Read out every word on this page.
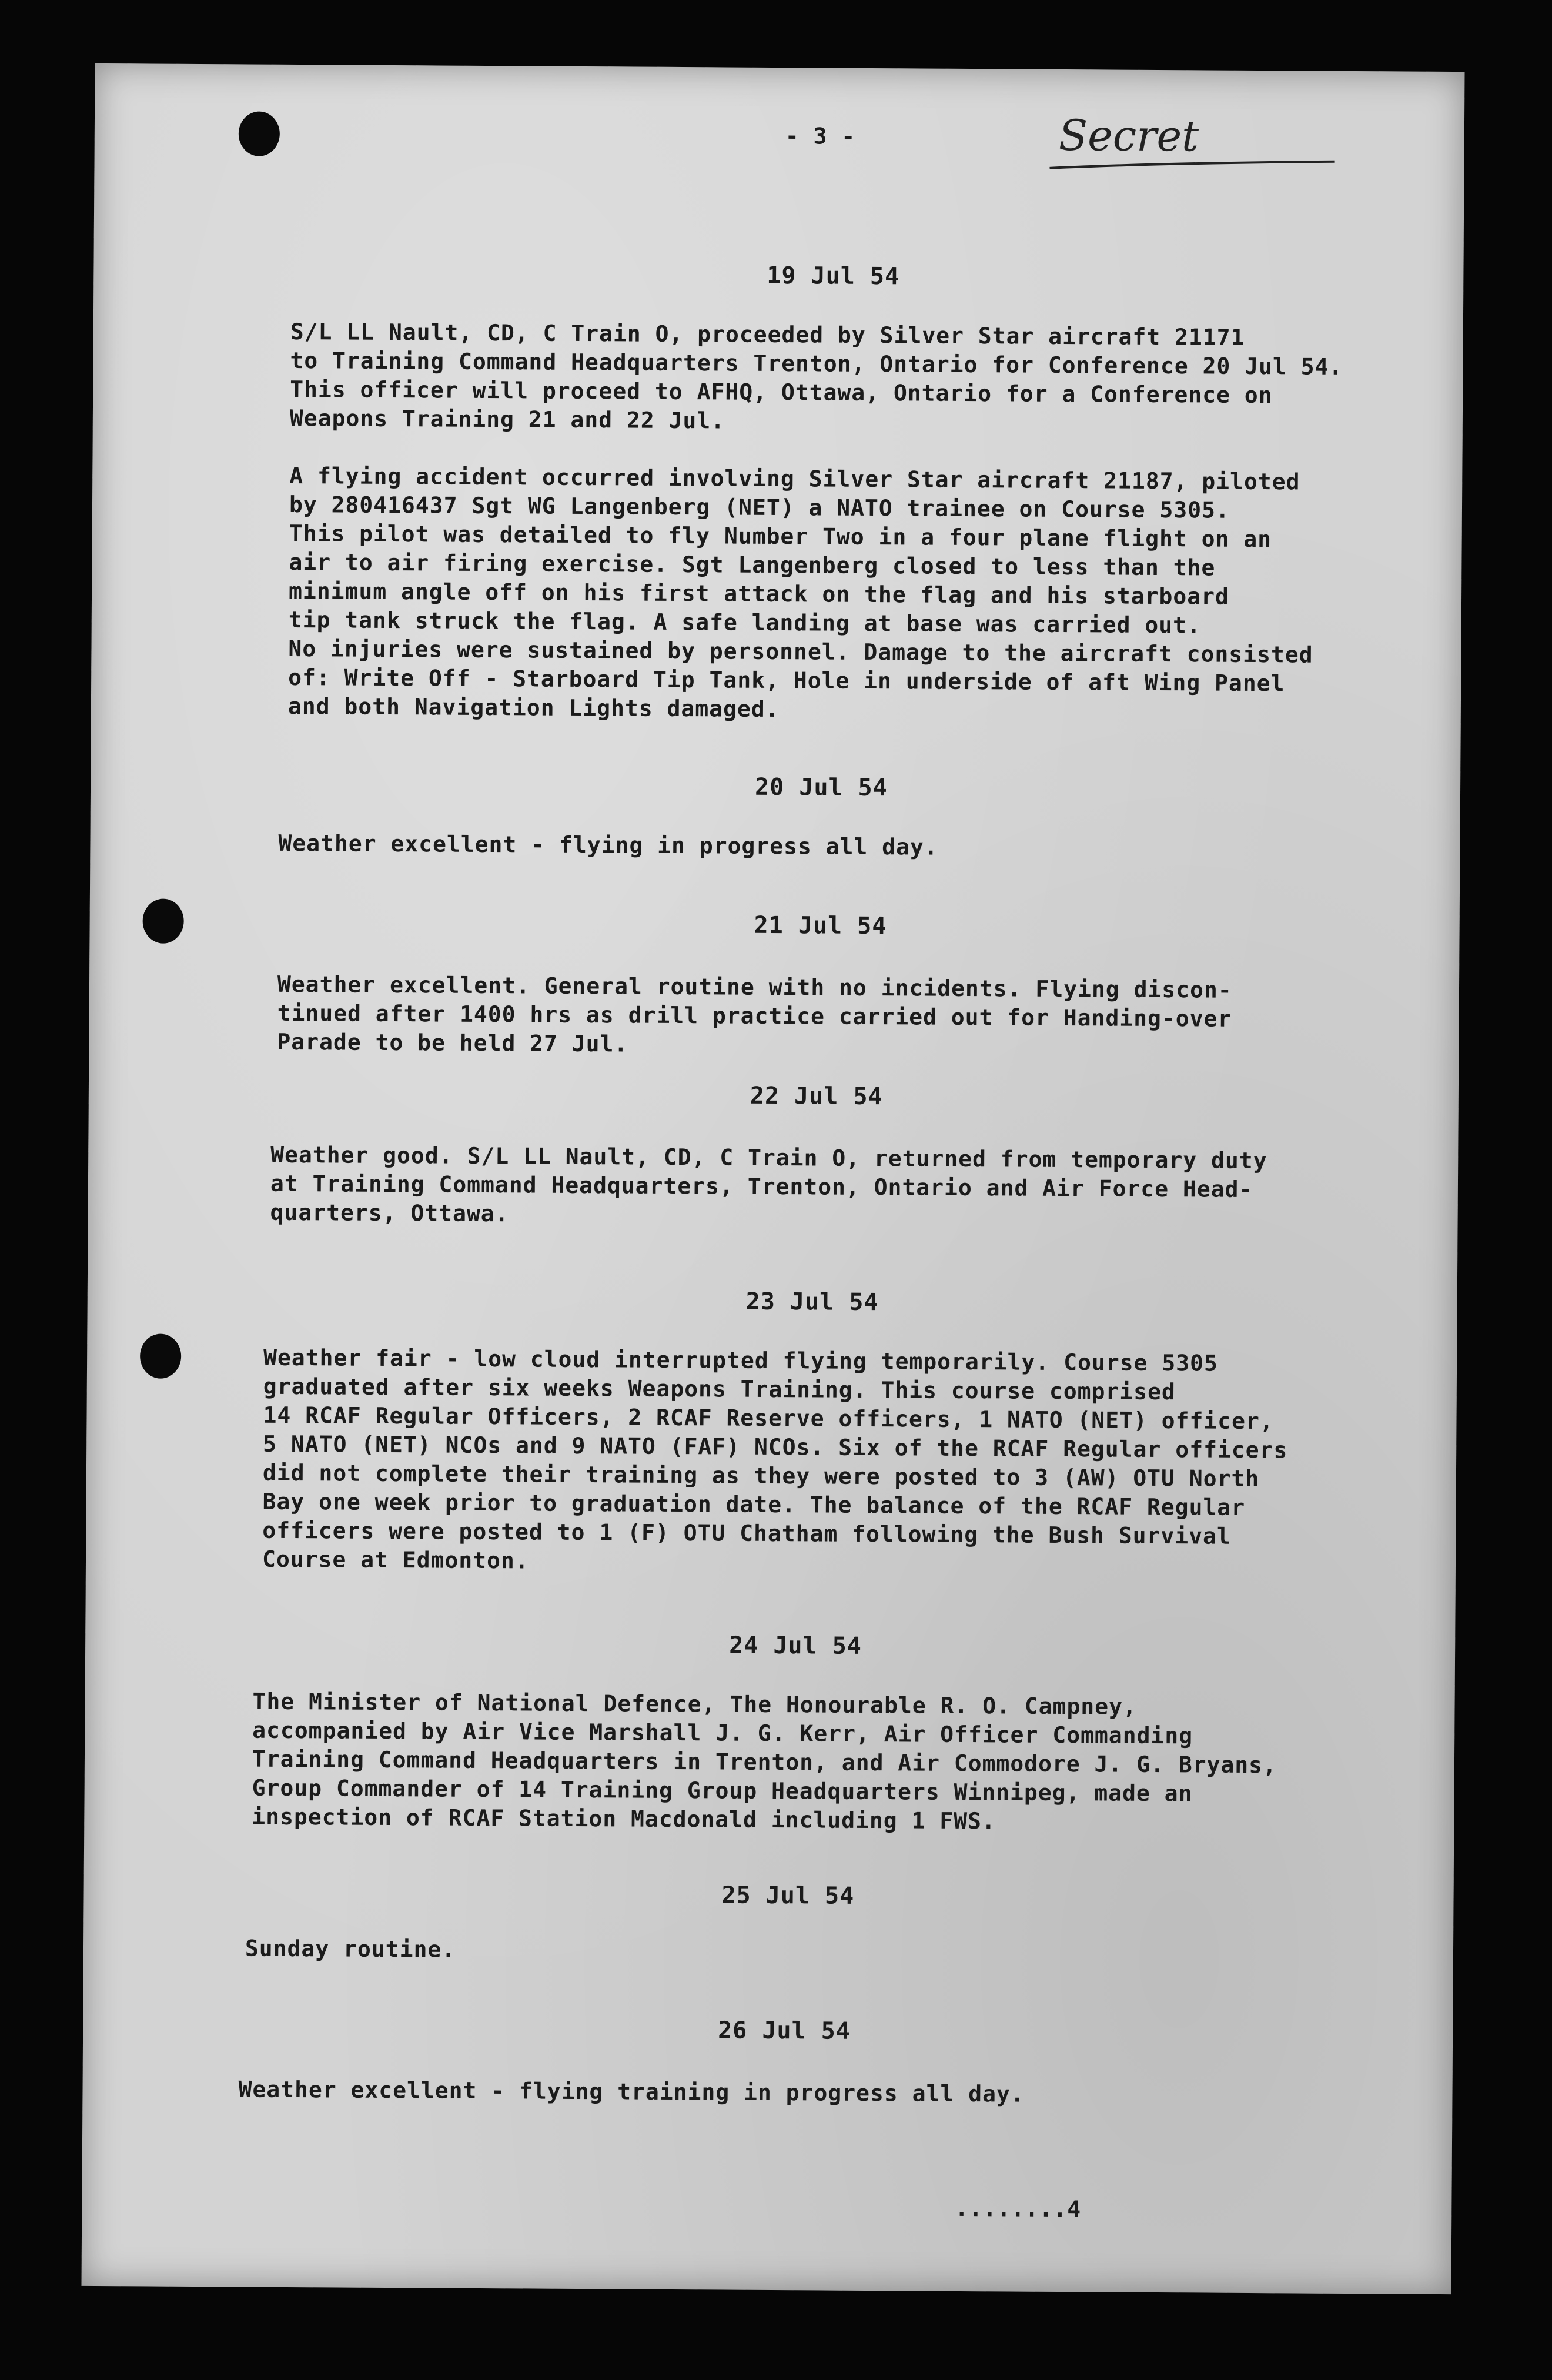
- 3 -	Secret
19 Jul 54

S/L LL Nault, CD, C Train O, proceeded by Silver Star aircraft 21171

to Training Command Headquarters Trenton, Ontario for Conference 20 Jul 54.

This officer will proceed to AFHQ, Ottawa, Ontario for a Conference on

Weapons Training 21 and 22 Jul.

A flying accident occurred involving Silver Star aircraft 21187, piloted

by 280416437 Sgt WG Langenberg (NET) a NATO trainee on Course 5305.

This pilot was detailed to fly Number Two in a four plane flight on an

air to air firing exercise. Sgt Langenberg closed to less than the

minimum angle off on his first attack on the flag and his starboard

tip tank struck the flag. A safe landing at base was carried out.

No injuries were sustained by personnel. Damage to the aircraft consisted

of: Write Off - Starboard Tip Tank, Hole in underside of aft Wing Panel

and both Navigation Lights damaged.

20 Jul 54

Weather excellent - flying in progress all day.

21 Jul 54

Weather excellent. General routine with no incidents. Flying discon-

tinued after 1400 hrs as drill practice carried out for Handing-over

Parade to be held 27 Jul.

22 Jul 54

Weather good. S/L LL Nault, CD, C Train O, returned from temporary duty

at Training Command Headquarters, Trenton, Ontario and Air Force Head-

quarters, Ottawa.

23 Jul 54

Weather fair - low cloud interrupted flying temporarily. Course 5305

graduated after six weeks Weapons Training. This course comprised

14 RCAF Regular Officers, 2 RCAF Reserve officers, 1 NATO (NET) officer,

5 NATO (NET) NCOs and 9 NATO (FAF) NCOs. Six of the RCAF Regular officers

did not complete their training as they were posted to 3 (AW) OTU North

Bay one week prior to graduation date. The balance of the RCAF Regular

officers were posted to 1 (F) OTU Chatham following the Bush Survival

Course at Edmonton.

24 Jul 54

The Minister of National Defence, The Honourable R. O. Campney,

accompanied by Air Vice Marshall J. G. Kerr, Air Officer Commanding

Training Command Headquarters in Trenton, and Air Commodore J. G. Bryans,

Group Commander of 14 Training Group Headquarters Winnipeg, made an

inspection of RCAF Station Macdonald including 1 FWS.

25 Jul 54

Sunday routine.

26 Jul 54

Weather excellent - flying training in progress all day.

........4
